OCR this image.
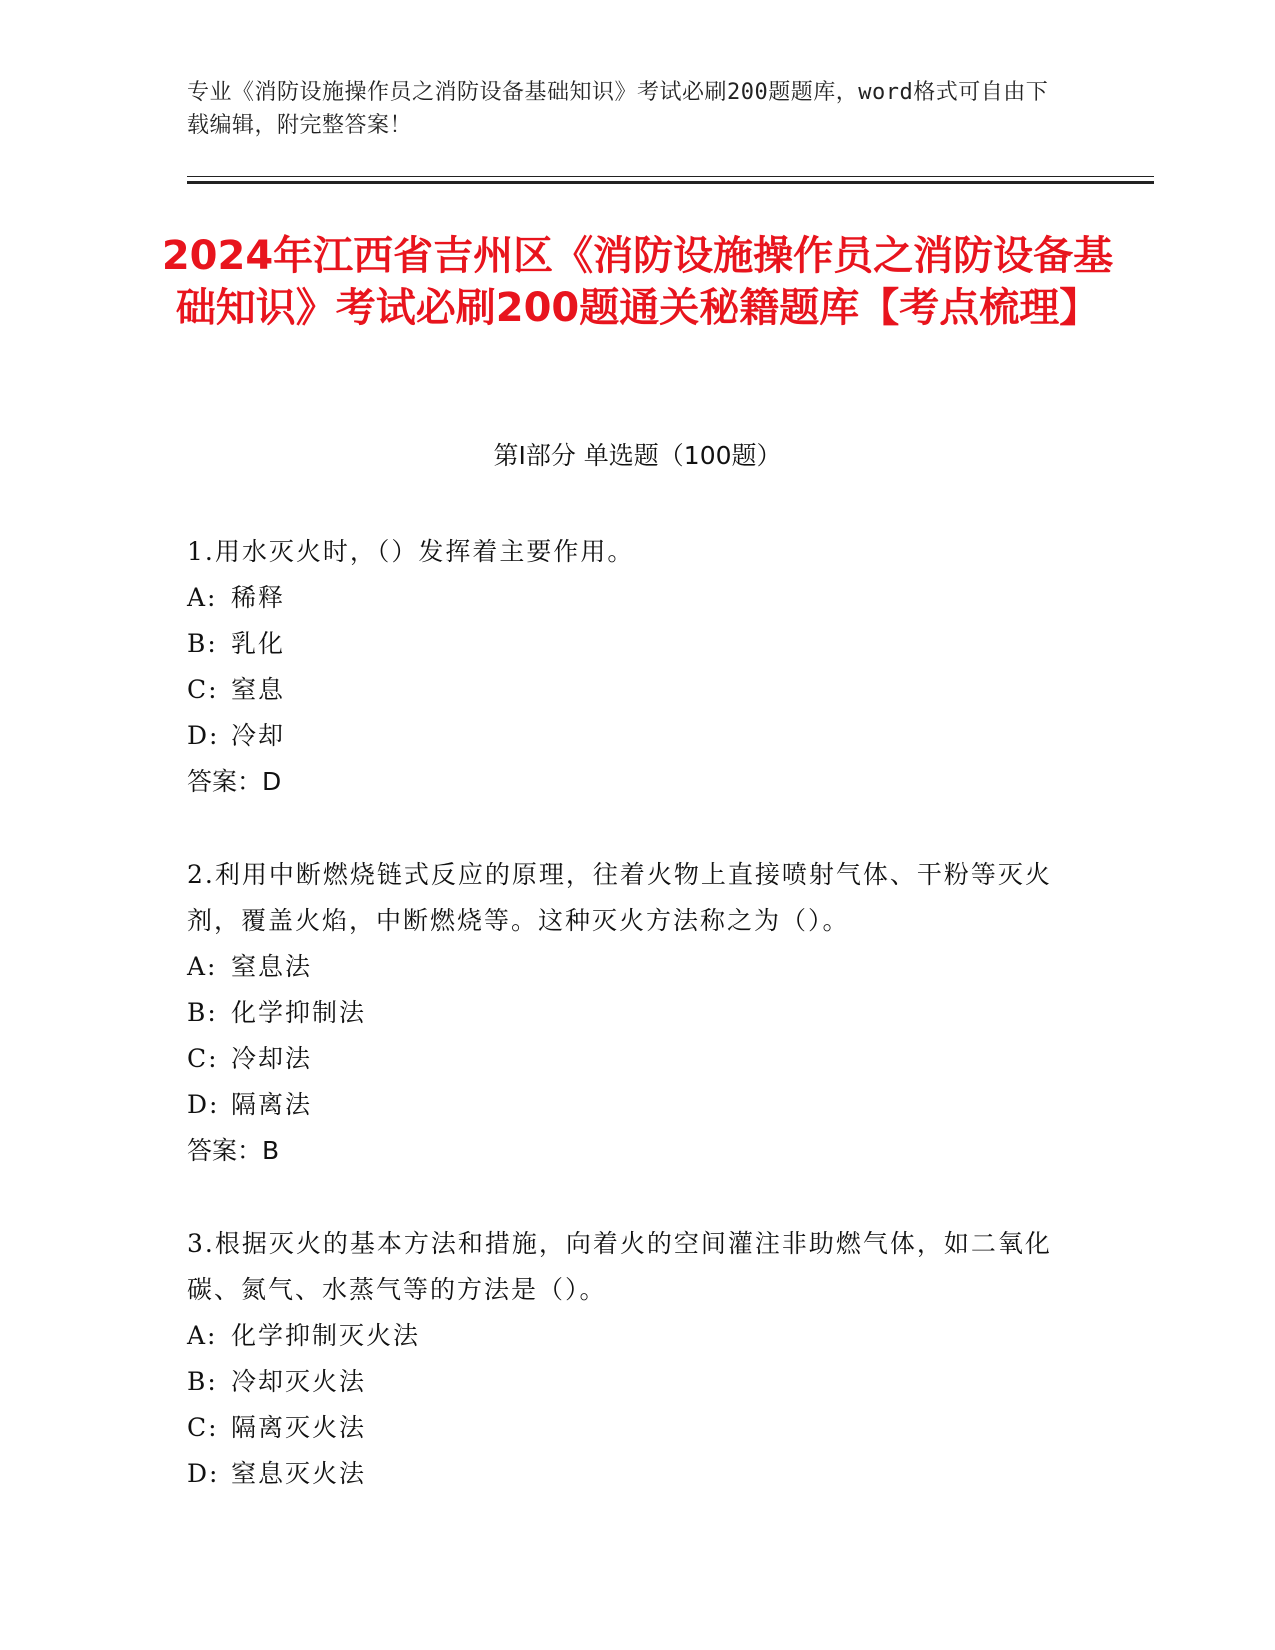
专业《消防设施操作员之消防设备基础知识》考试必刷200题题库，word格式可自由下载编辑，附完整答案！
2024年江西省吉州区《消防设施操作员之消防设备基础知识》考试必刷200题通关秘籍题库【考点梳理】
第Ⅰ部分 单选题（100题）

1.用水灭火时，（）发挥着主要作用。

A: 稀释

B: 乳化

C: 窒息

D: 冷却

答案：D

2.利用中断燃烧链式反应的原理，往着火物上直接喷射气体、干粉等灭火剂，覆盖火焰，中断燃烧等。这种灭火方法称之为（）。

A: 窒息法

B: 化学抑制法

C: 冷却法

D: 隔离法

答案：B

3.根据灭火的基本方法和措施，向着火的空间灌注非助燃气体，如二氧化碳、氮气、水蒸气等的方法是（）。

A: 化学抑制灭火法

B: 冷却灭火法

C: 隔离灭火法

D: 窒息灭火法
